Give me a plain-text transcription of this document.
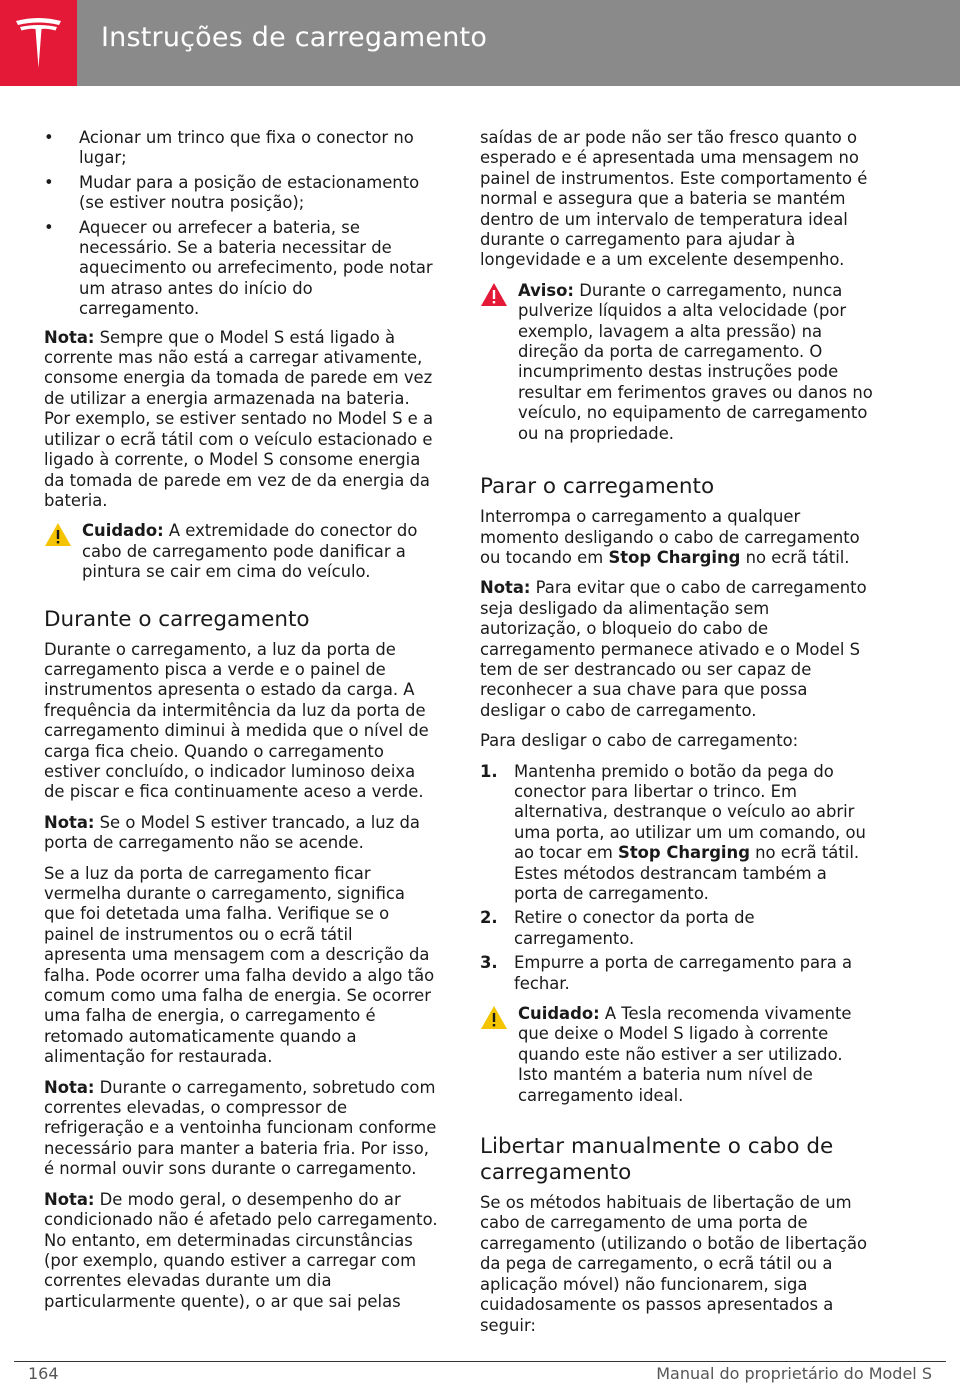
Instruções de carregamento
• Acionar um trinco que fixa o conector no lugar;
• Mudar para a posição de estacionamento (se estiver noutra posição);
• Aquecer ou arrefecer a bateria, se necessário. Se a bateria necessitar de aquecimento ou arrefecimento, pode notar um atraso antes do início do carregamento.

Nota: Sempre que o Model S está ligado à corrente mas não está a carregar ativamente, consome energia da tomada de parede em vez de utilizar a energia armazenada na bateria. Por exemplo, se estiver sentado no Model S e a utilizar o ecrã tátil com o veículo estacionado e ligado à corrente, o Model S consome energia da tomada de parede em vez de da energia da bateria.

Cuidado: A extremidade do conector do cabo de carregamento pode danificar a pintura se cair em cima do veículo.
Durante o carregamento

Durante o carregamento, a luz da porta de carregamento pisca a verde e o painel de instrumentos apresenta o estado da carga. A frequência da intermitência da luz da porta de carregamento diminui à medida que o nível de carga fica cheio. Quando o carregamento estiver concluído, o indicador luminoso deixa de piscar e fica continuamente aceso a verde.

Nota: Se o Model S estiver trancado, a luz da porta de carregamento não se acende.

Se a luz da porta de carregamento ficar vermelha durante o carregamento, significa que foi detetada uma falha. Verifique se o painel de instrumentos ou o ecrã tátil apresenta uma mensagem com a descrição da falha. Pode ocorrer uma falha devido a algo tão comum como uma falha de energia. Se ocorrer uma falha de energia, o carregamento é retomado automaticamente quando a alimentação for restaurada.

Nota: Durante o carregamento, sobretudo com correntes elevadas, o compressor de refrigeração e a ventoinha funcionam conforme necessário para manter a bateria fria. Por isso, é normal ouvir sons durante o carregamento.

Nota: De modo geral, o desempenho do ar condicionado não é afetado pelo carregamento. No entanto, em determinadas circunstâncias (por exemplo, quando estiver a carregar com correntes elevadas durante um dia particularmente quente), o ar que sai pelas

saídas de ar pode não ser tão fresco quanto o esperado e é apresentada uma mensagem no painel de instrumentos. Este comportamento é normal e assegura que a bateria se mantém dentro de um intervalo de temperatura ideal durante o carregamento para ajudar à longevidade e a um excelente desempenho.

Aviso: Durante o carregamento, nunca pulverize líquidos a alta velocidade (por exemplo, lavagem a alta pressão) na direção da porta de carregamento. O incumprimento destas instruções pode resultar em ferimentos graves ou danos no veículo, no equipamento de carregamento ou na propriedade.
Parar o carregamento

Interrompa o carregamento a qualquer momento desligando o cabo de carregamento ou tocando em Stop Charging no ecrã tátil.

Nota: Para evitar que o cabo de carregamento seja desligado da alimentação sem autorização, o bloqueio do cabo de carregamento permanece ativado e o Model S tem de ser destrancado ou ser capaz de reconhecer a sua chave para que possa desligar o cabo de carregamento.

Para desligar o cabo de carregamento:

1. Mantenha premido o botão da pega do conector para libertar o trinco. Em alternativa, destranque o veículo ao abrir uma porta, ao utilizar um um comando, ou ao tocar em Stop Charging no ecrã tátil. Estes métodos destrancam também a porta de carregamento.
2. Retire o conector da porta de carregamento.
3. Empurre a porta de carregamento para a fechar.
Cuidado: A Tesla recomenda vivamente que deixe o Model S ligado à corrente quando este não estiver a ser utilizado. Isto mantém a bateria num nível de carregamento ideal.
Libertar manualmente o cabo de carregamento

Se os métodos habituais de libertação de um cabo de carregamento de uma porta de carregamento (utilizando o botão de libertação da pega de carregamento, o ecrã tátil ou a aplicação móvel) não funcionarem, siga cuidadosamente os passos apresentados a seguir:

164	Manual do proprietário do Model S
